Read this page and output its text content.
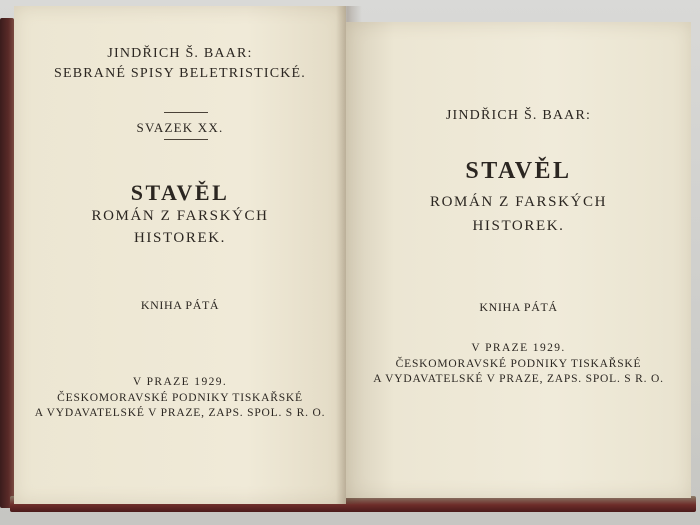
JINDŘICH Š. BAAR:
SEBRANÉ SPISY BELETRISTICKÉ.
SVAZEK XX.
STAVĚL
ROMÁN Z FARSKÝCH
HISTOREK.
KNIHA PÁTÁ
V PRAZE 1929.
ČESKOMORAVSKÉ PODNIKY TISKAŘSKÉ
A VYDAVATELSKÉ V PRAZE, ZAPS. SPOL. S R. O.
JINDŘICH Š. BAAR:
STAVĚL
ROMÁN Z FARSKÝCH
HISTOREK.
KNIHA PÁTÁ
V PRAZE 1929.
ČESKOMORAVSKÉ PODNIKY TISKAŘSKÉ
A VYDAVATELSKÉ V PRAZE, ZAPS. SPOL. S R. O.
